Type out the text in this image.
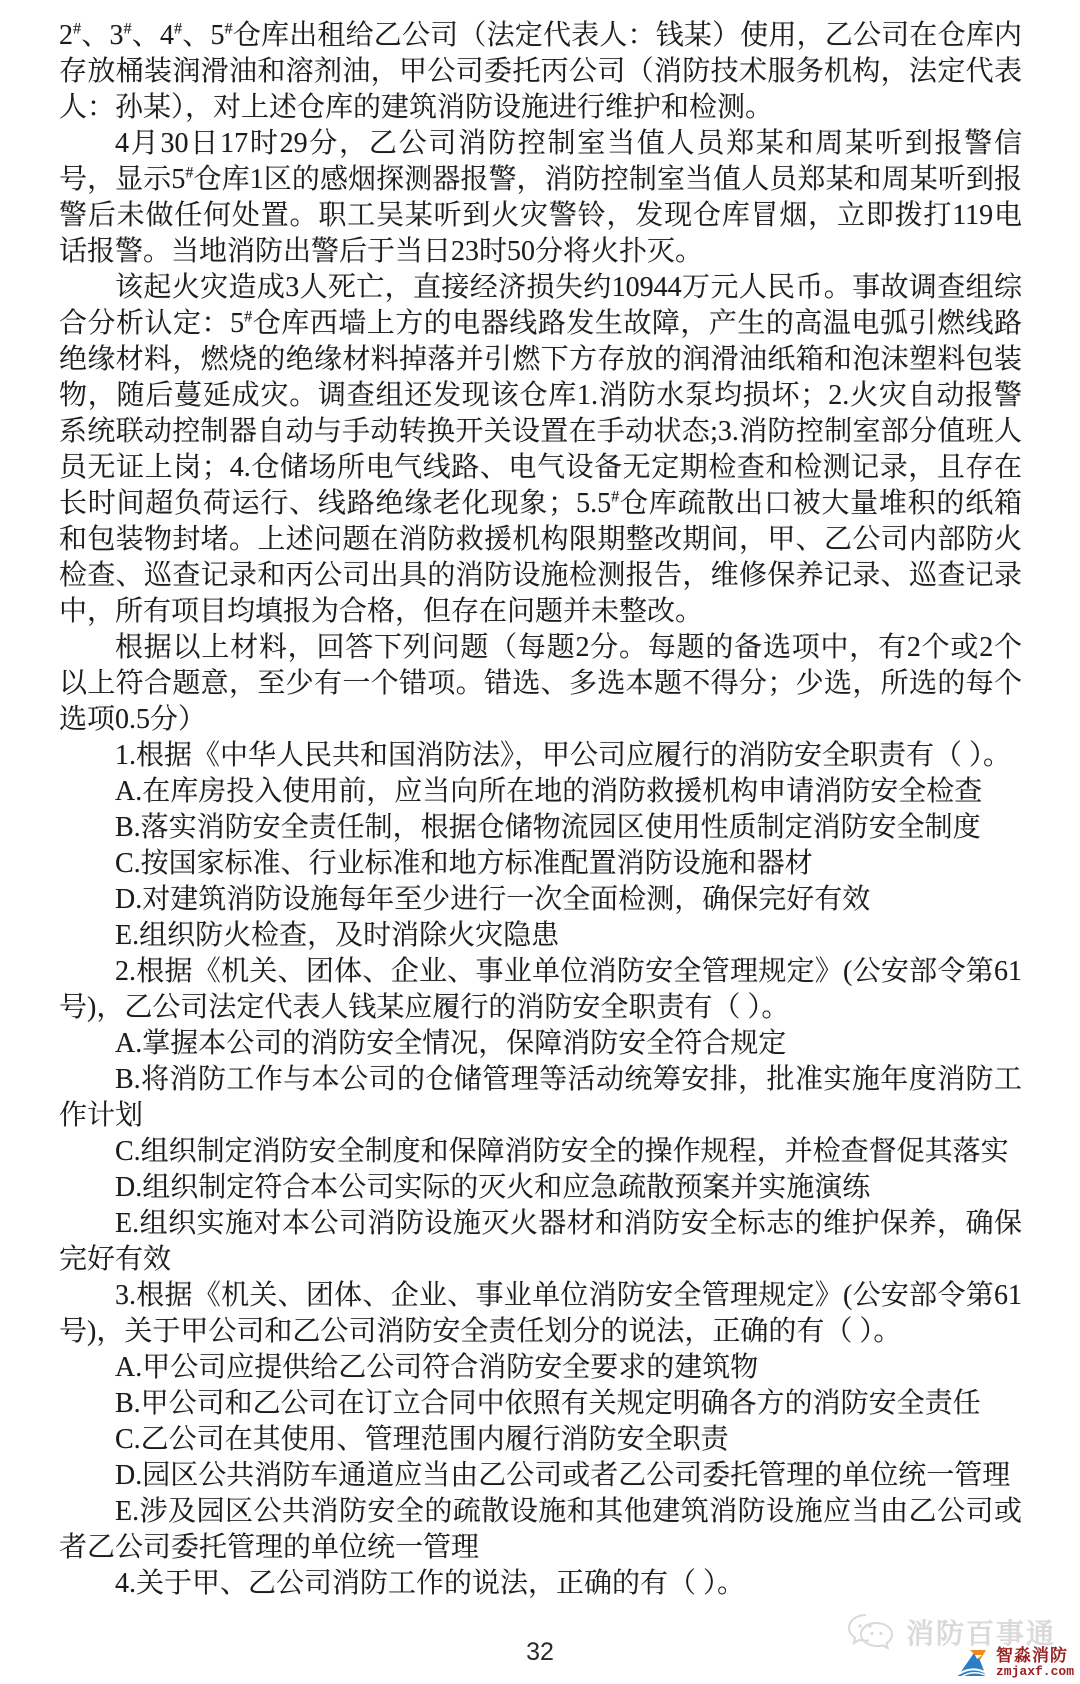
2#、3#、4#、5#仓库出租给乙公司（法定代表人：钱某）使用，乙公司在仓库内存放桶装润滑油和溶剂油，甲公司委托丙公司（消防技术服务机构，法定代表人：孙某），对上述仓库的建筑消防设施进行维护和检测。

4月30日17时29分，乙公司消防控制室当值人员郑某和周某听到报警信号，显示5#仓库1区的感烟探测器报警，消防控制室当值人员郑某和周某听到报警后未做任何处置。职工吴某听到火灾警铃，发现仓库冒烟，立即拨打119电话报警。当地消防出警后于当日23时50分将火扑灭。

该起火灾造成3人死亡，直接经济损失约10944万元人民币。事故调查组综合分析认定：5#仓库西墙上方的电器线路发生故障，产生的高温电弧引燃线路绝缘材料，燃烧的绝缘材料掉落并引燃下方存放的润滑油纸箱和泡沫塑料包装物，随后蔓延成灾。调查组还发现该仓库1.消防水泵均损坏；2.火灾自动报警系统联动控制器自动与手动转换开关设置在手动状态;3.消防控制室部分值班人员无证上岗；4.仓储场所电气线路、电气设备无定期检查和检测记录，且存在长时间超负荷运行、线路绝缘老化现象；5.5#仓库疏散出口被大量堆积的纸箱和包装物封堵。上述问题在消防救援机构限期整改期间，甲、乙公司内部防火检查、巡查记录和丙公司出具的消防设施检测报告，维修保养记录、巡查记录中，所有项目均填报为合格，但存在问题并未整改。

根据以上材料，回答下列问题（每题2分。每题的备选项中，有2个或2个以上符合题意，至少有一个错项。错选、多选本题不得分；少选，所选的每个选项0.5分）

1.根据《中华人民共和国消防法》，甲公司应履行的消防安全职责有（ ）。

A.在库房投入使用前，应当向所在地的消防救援机构申请消防安全检查

B.落实消防安全责任制，根据仓储物流园区使用性质制定消防安全制度

C.按国家标准、行业标准和地方标准配置消防设施和器材

D.对建筑消防设施每年至少进行一次全面检测，确保完好有效

E.组织防火检查，及时消除火灾隐患

2.根据《机关、团体、企业、事业单位消防安全管理规定》(公安部令第61号)，乙公司法定代表人钱某应履行的消防安全职责有（ ）。

A.掌握本公司的消防安全情况，保障消防安全符合规定

B.将消防工作与本公司的仓储管理等活动统筹安排，批准实施年度消防工作计划

C.组织制定消防安全制度和保障消防安全的操作规程，并检查督促其落实

D.组织制定符合本公司实际的灭火和应急疏散预案并实施演练

E.组织实施对本公司消防设施灭火器材和消防安全标志的维护保养，确保完好有效

3.根据《机关、团体、企业、事业单位消防安全管理规定》(公安部令第61号)，关于甲公司和乙公司消防安全责任划分的说法，正确的有（ ）。

A.甲公司应提供给乙公司符合消防安全要求的建筑物

B.甲公司和乙公司在订立合同中依照有关规定明确各方的消防安全责任

C.乙公司在其使用、管理范围内履行消防安全职责

D.园区公共消防车通道应当由乙公司或者乙公司委托管理的单位统一管理

E.涉及园区公共消防安全的疏散设施和其他建筑消防设施应当由乙公司或者乙公司委托管理的单位统一管理

4.关于甲、乙公司消防工作的说法，正确的有（ ）。

32
消防百事通
智淼消防
zmjaxf.com
